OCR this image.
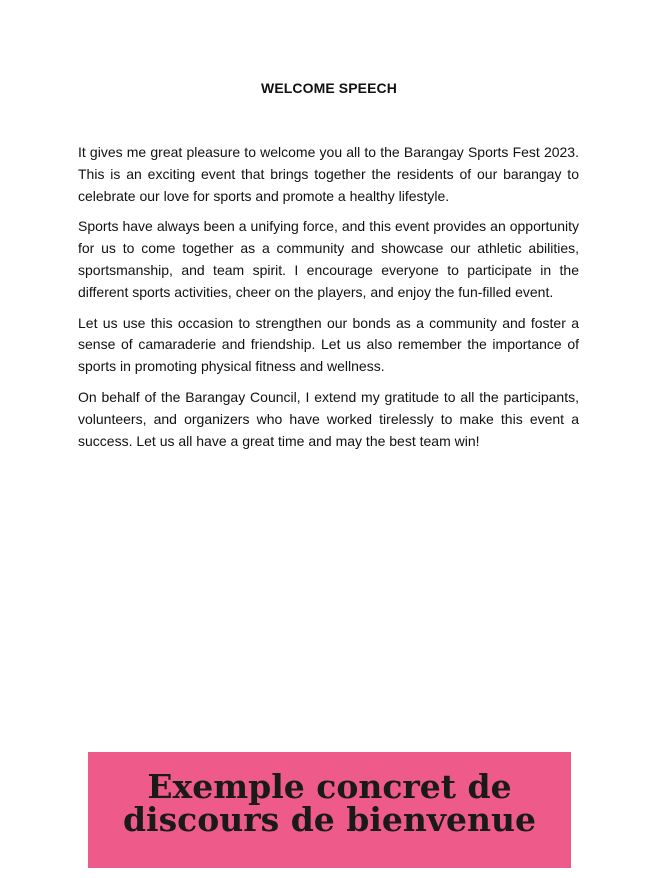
WELCOME SPEECH

It gives me great pleasure to welcome you all to the Barangay Sports Fest 2023. This is an exciting event that brings together the residents of our barangay to celebrate our love for sports and promote a healthy lifestyle.

Sports have always been a unifying force, and this event provides an opportunity for us to come together as a community and showcase our athletic abilities, sportsmanship, and team spirit. I encourage everyone to participate in the different sports activities, cheer on the players, and enjoy the fun-filled event.

Let us use this occasion to strengthen our bonds as a community and foster a sense of camaraderie and friendship. Let us also remember the importance of sports in promoting physical fitness and wellness.

On behalf of the Barangay Council, I extend my gratitude to all the participants, volunteers, and organizers who have worked tirelessly to make this event a success. Let us all have a great time and may the best team win!

Exemple concret de discours de bienvenue
